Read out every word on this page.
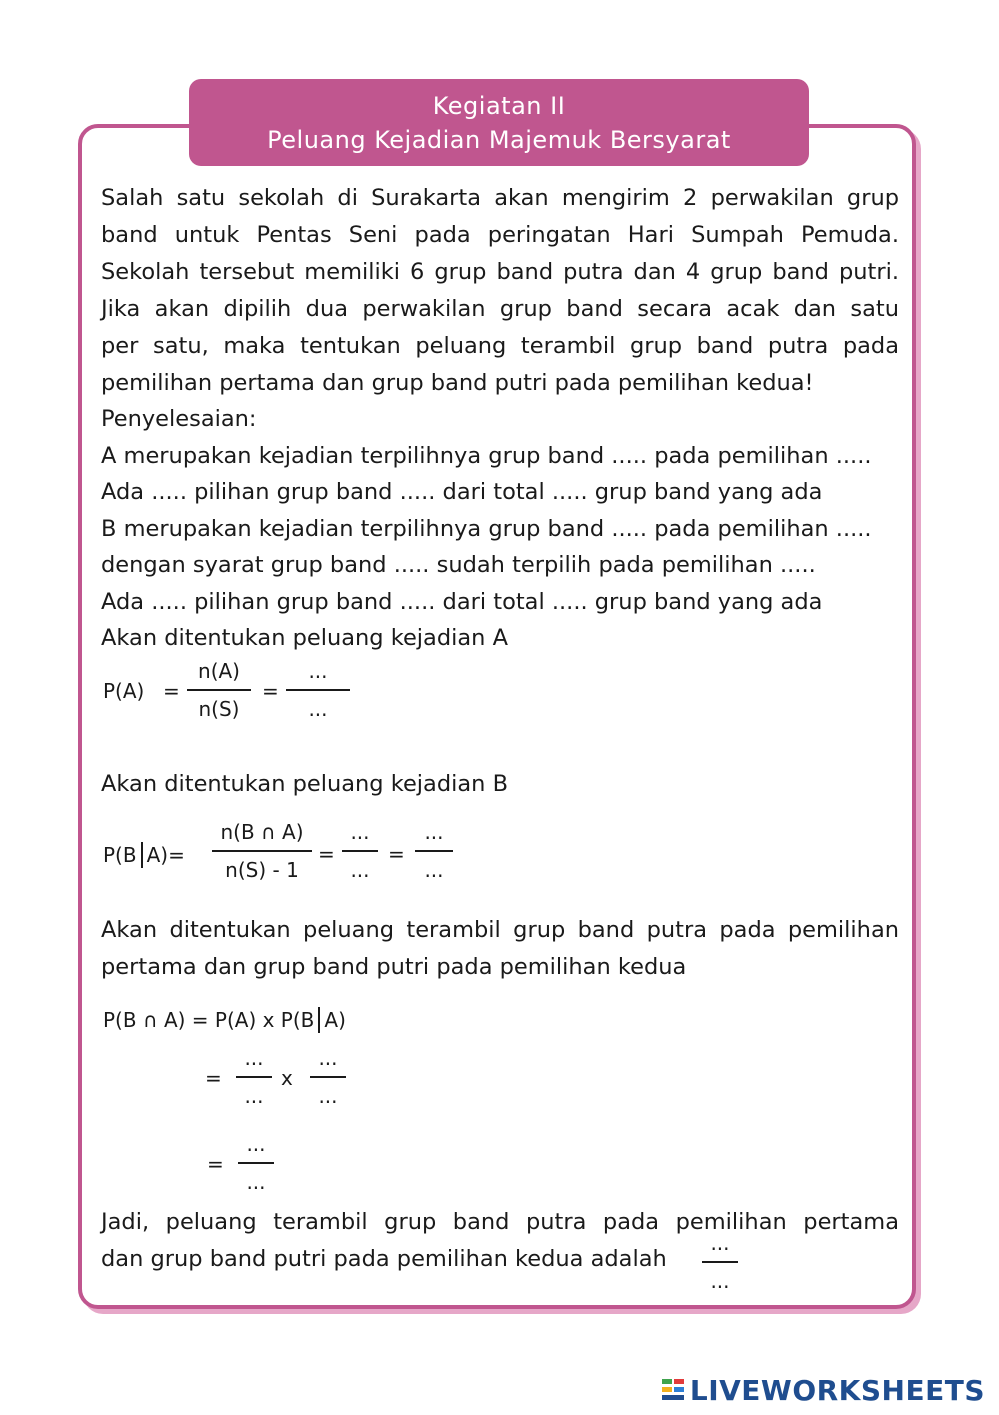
Kegiatan II
Peluang Kejadian Majemuk Bersyarat
Salah satu sekolah di Surakarta akan mengirim 2 perwakilan grup
band untuk Pentas Seni pada peringatan Hari Sumpah Pemuda.
Sekolah tersebut memiliki 6 grup band putra dan 4 grup band putri.
Jika akan dipilih dua perwakilan grup band secara acak dan satu
per satu, maka tentukan peluang terambil grup band putra pada
pemilihan pertama dan grup band putri pada pemilihan kedua!
Penyelesaian:
A merupakan kejadian terpilihnya grup band ..... pada pemilihan .....
Ada ..... pilihan grup band ..... dari total ..... grup band yang ada
B merupakan kejadian terpilihnya grup band ..... pada pemilihan .....
dengan syarat grup band ..... sudah terpilih pada pemilihan .....
Ada ..... pilihan grup band ..... dari total ..... grup band yang ada
Akan ditentukan peluang kejadian A
P(A) =
n(A)
n(S)
=
...
...
Akan ditentukan peluang kejadian B
P(B A)=
n(B ∩ A)
n(S) - 1
=
...
...
=
...
...
Akan ditentukan peluang terambil grup band putra pada pemilihan
pertama dan grup band putri pada pemilihan kedua
P(B ∩ A) = P(A) x P(B A)
=
...
...
x
...
...
=
...
...
Jadi, peluang terambil grup band putra pada pemilihan pertama
dan grup band putri pada pemilihan kedua adalah
...
...
LIVEWORKSHEETS
